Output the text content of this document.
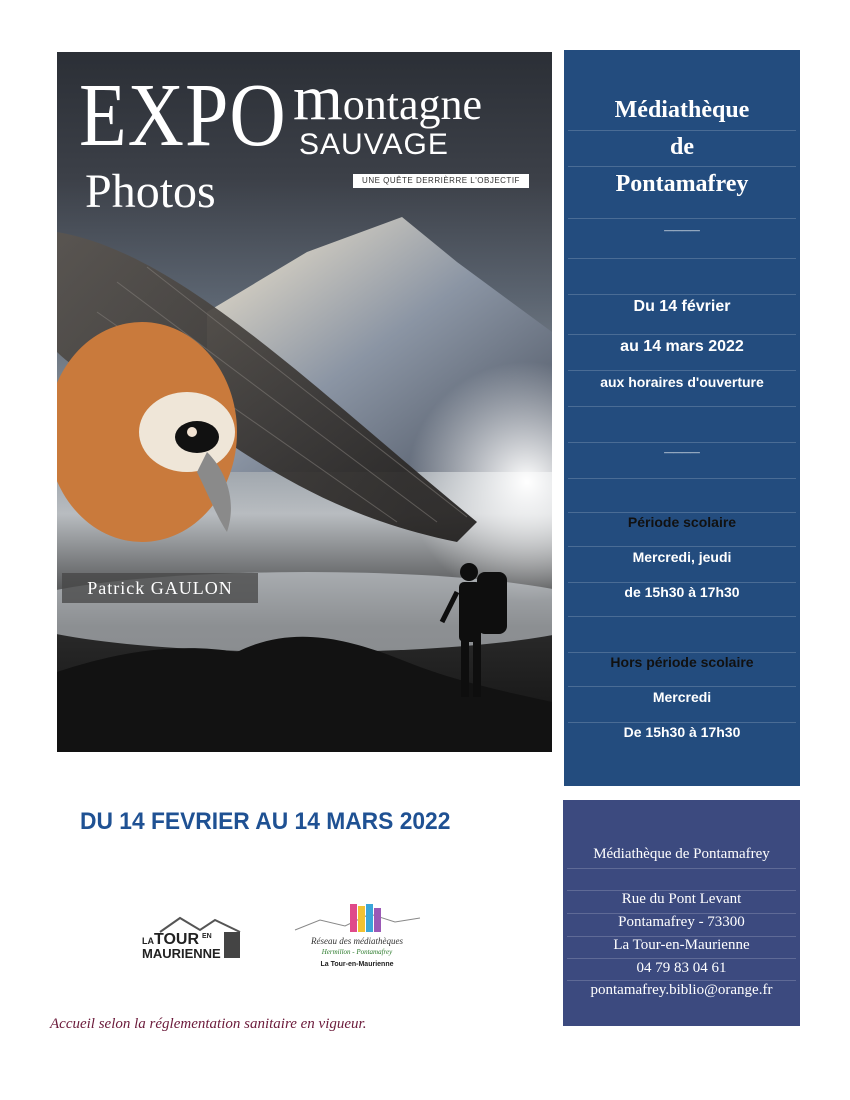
EXPO
Photos
montagne
SAUVAGE
UNE QUÊTE DERRIÈRRE L'OBJECTIF
Patrick GAULON
Médiathèque
de
Pontamafrey
____
Du 14 février
au 14 mars 2022
aux horaires d'ouverture
____
Période scolaire
Mercredi, jeudi
de 15h30 à 17h30
Hors période scolaire
Mercredi
De 15h30 à 17h30
DU 14 FEVRIER AU 14 MARS 2022
Médiathèque de Pontamafrey
Rue du Pont Levant
Pontamafrey - 73300
La Tour-en-Maurienne
04 79 83 04 61
pontamafrey.biblio@orange.fr
LA TOUR EN
MAURIENNE
Réseau des médiathèques
Hermillon - Pontamafrey
La Tour-en-Maurienne
Accueil selon la réglementation sanitaire en vigueur.
